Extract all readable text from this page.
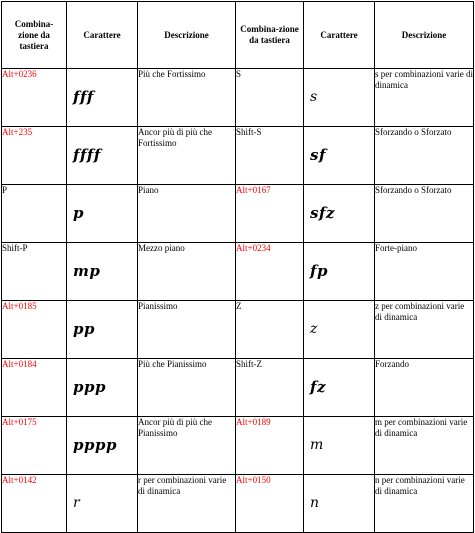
Combina-zione da tastiera	Carattere	Descrizione	Combina-zione da tastiera	Carattere	Descrizione
Alt+0236	fff	Più che Fortissimo	S	s	s per combinazioni varie di dinamica
Alt+235	ffff	Ancor più di più che Fortissimo	Shift-S	sf	Sforzando o Sforzato
P	p	Piano	Alt+0167	sfz	Sforzando o Sforzato
Shift-P	mp	Mezzo piano	Alt+0234	fp	Forte-piano
Alt+0185	pp	Pianissimo	Z	z	z per combinazioni varie di dinamica
Alt+0184	ppp	Più che Pianissimo	Shift-Z	fz	Forzando
Alt+0175	pppp	Ancor più di più che Pianissimo	Alt+0189	m	m per combinazioni varie di dinamica
Alt+0142	r	r per combinazioni varie di dinamica	Alt+0150	n	n per combinazioni varie di dinamica
